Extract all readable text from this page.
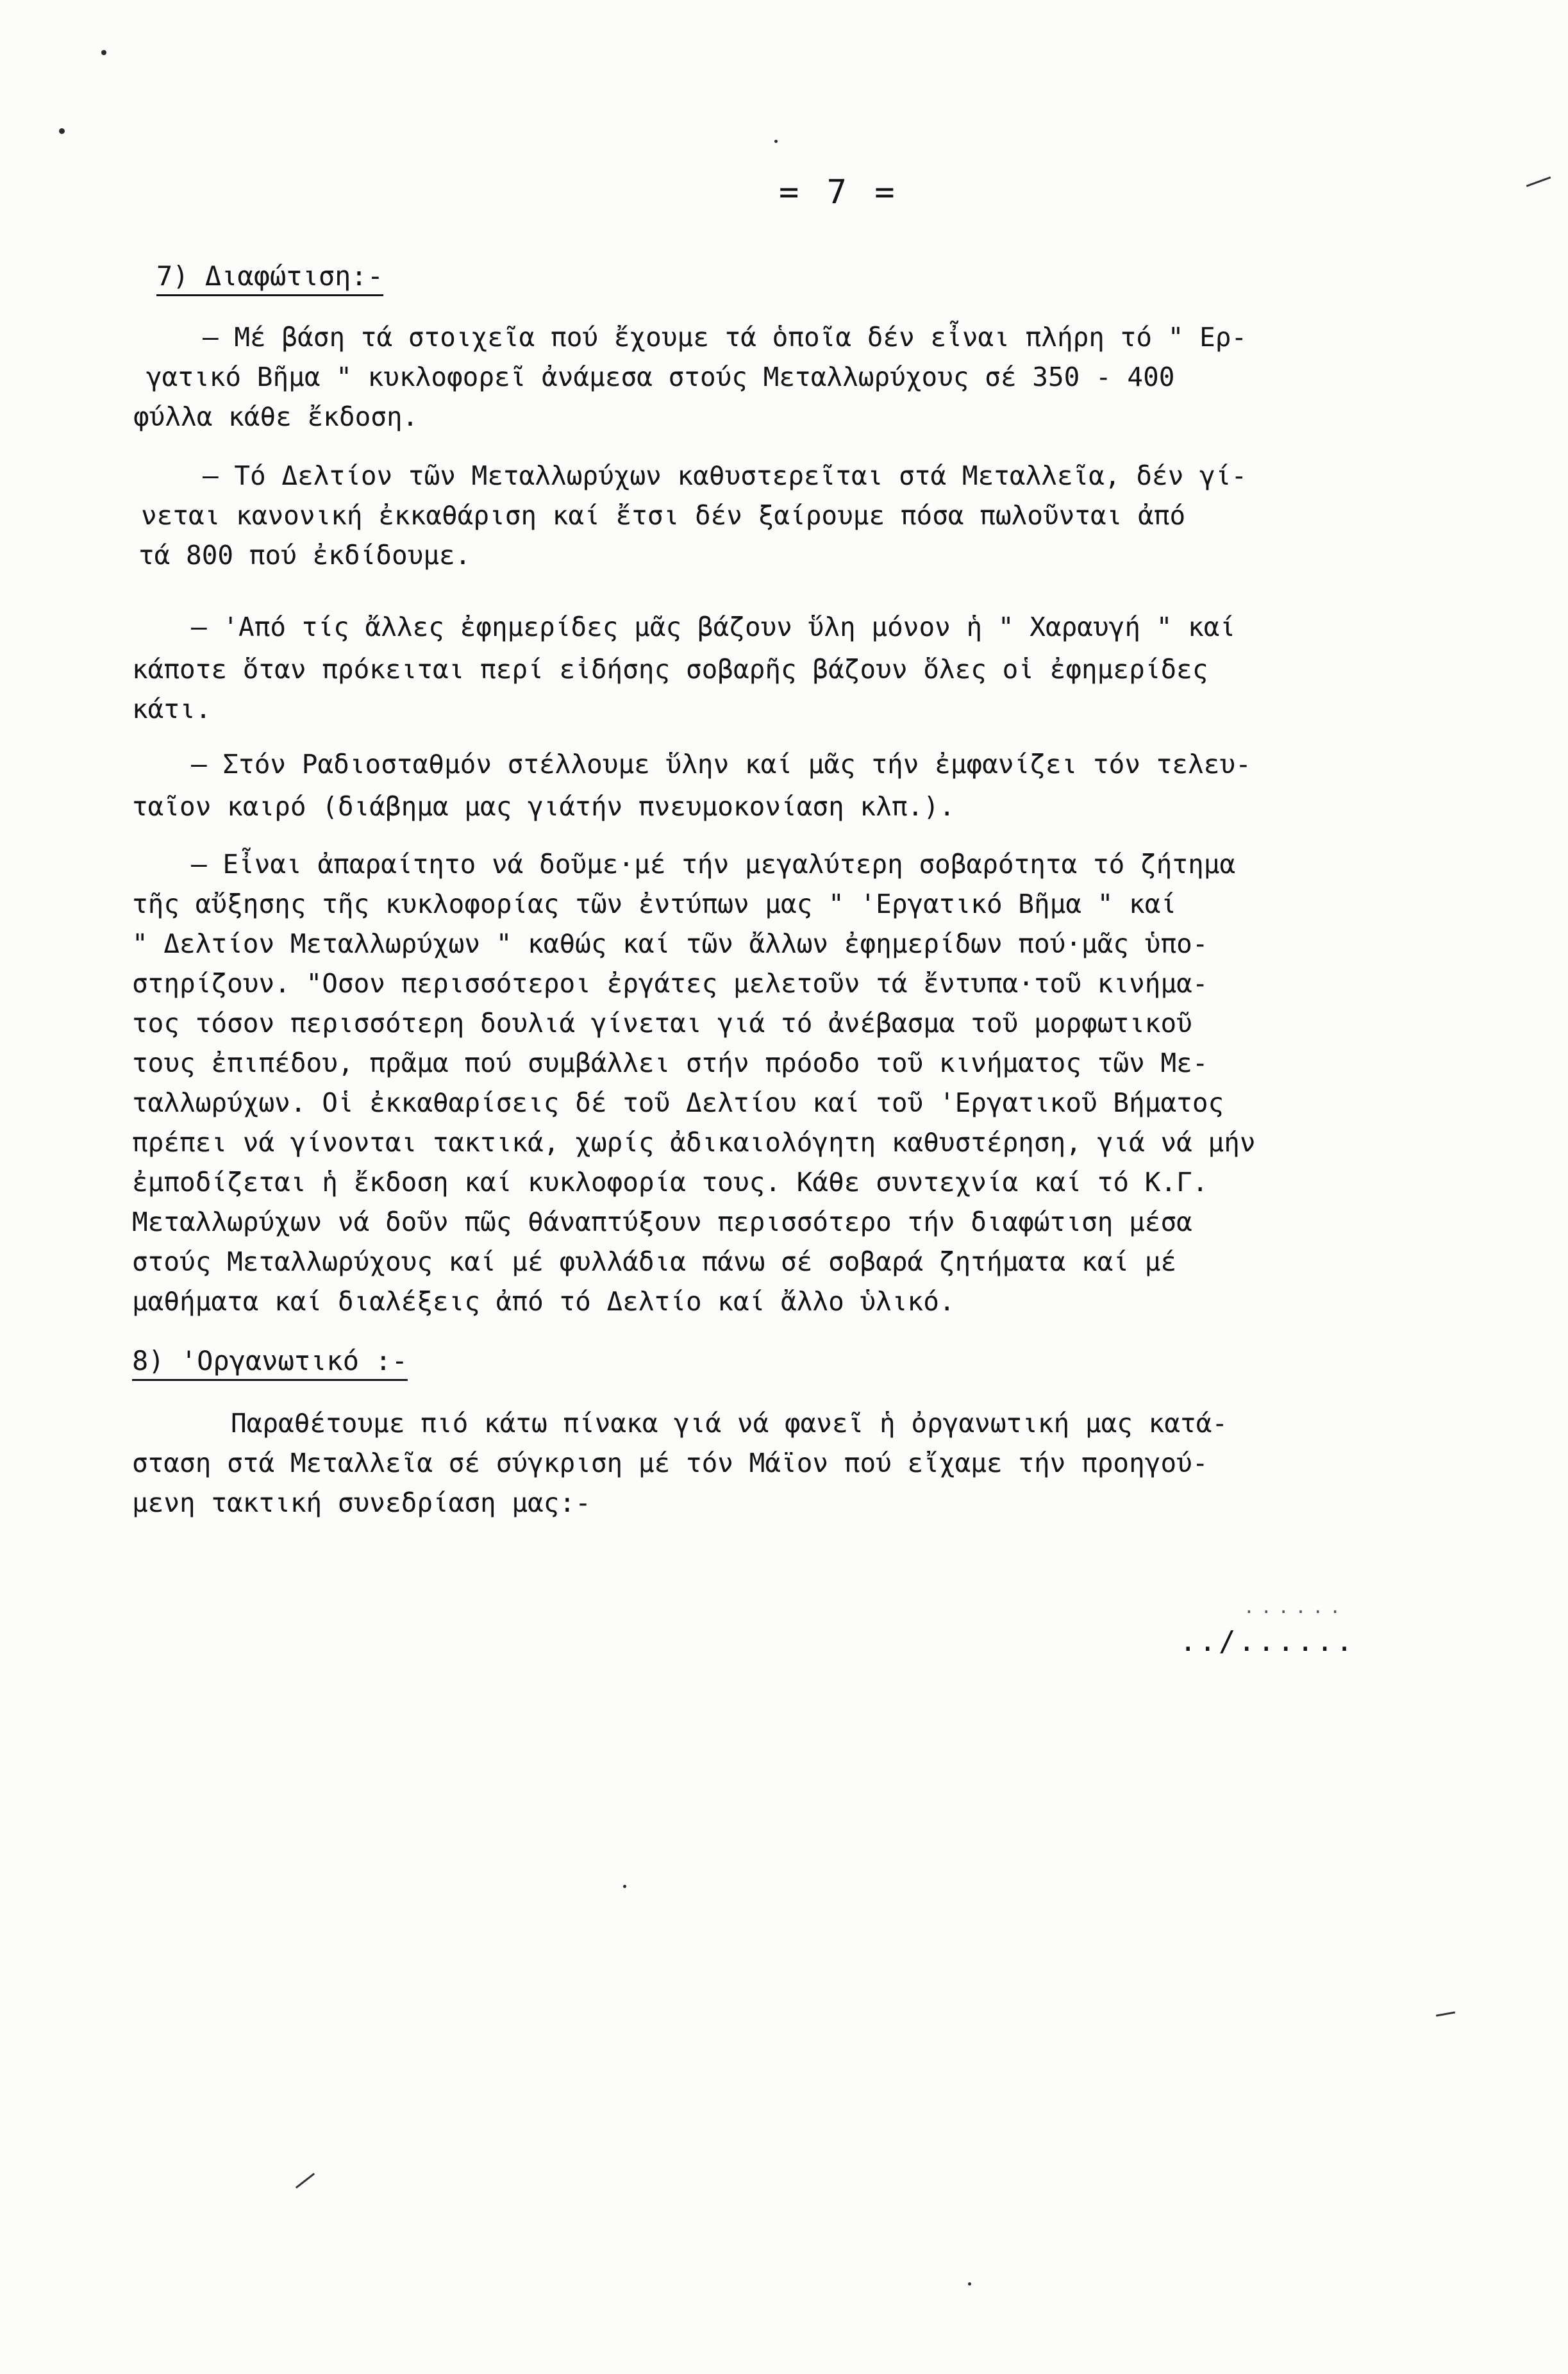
= 7 =
7) Διαφώτιση:-
– Μέ βάση τά στοιχεῖα πού ἔχουμε τά ὁποῖα δέν εἶναι πλήρη τό " Ερ-
γατικό Βῆμα " κυκλοφορεῖ ἀνάμεσα στούς Μεταλλωρύχους σέ 350 - 400
φύλλα κάθε ἔκδοση.
– Τό Δελτίον τῶν Μεταλλωρύχων καθυστερεῖται στά Μεταλλεῖα, δέν γί-
νεται κανονική ἐκκαθάριση καί ἔτσι δέν ξαίρουμε πόσα πωλοῦνται ἀπό
τά 800 πού ἐκδίδουμε.
– 'Από τίς ἄλλες ἐφημερίδες μᾶς βάζουν ὕλη μόνον ἡ " Χαραυγή " καί
κάποτε ὅταν πρόκειται περί εἰδήσης σοβαρῆς βάζουν ὅλες οἱ ἐφημερίδες
κάτι.
– Στόν Ραδιοσταθμόν στέλλουμε ὕλην καί μᾶς τήν ἐμφανίζει τόν τελευ-
ταῖον καιρό (διάβημα μας γιάτήν πνευμοκονίαση κλπ.).
– Εἶναι ἀπαραίτητο νά δοῦμε·μέ τήν μεγαλύτερη σοβαρότητα τό ζήτημα
τῆς αὔξησης τῆς κυκλοφορίας τῶν ἐντύπων μας " 'Εργατικό Βῆμα " καί
" Δελτίον Μεταλλωρύχων " καθώς καί τῶν ἄλλων ἐφημερίδων πού·μᾶς ὑπο-
στηρίζουν. "Οσον περισσότεροι ἐργάτες μελετοῦν τά ἔντυπα·τοῦ κινήμα-
τος τόσον περισσότερη δουλιά γίνεται γιά τό ἀνέβασμα τοῦ μορφωτικοῦ
τους ἐπιπέδου, πρᾶμα πού συμβάλλει στήν πρόοδο τοῦ κινήματος τῶν Με-
ταλλωρύχων. Οἱ ἐκκαθαρίσεις δέ τοῦ Δελτίου καί τοῦ 'Εργατικοῦ Βήματος
πρέπει νά γίνονται τακτικά, χωρίς ἀδικαιολόγητη καθυστέρηση, γιά νά μήν
ἐμποδίζεται ἡ ἔκδοση καί κυκλοφορία τους. Κάθε συντεχνία καί τό Κ.Γ.
Μεταλλωρύχων νά δοῦν πῶς θάναπτύξουν περισσότερο τήν διαφώτιση μέσα
στούς Μεταλλωρύχους καί μέ φυλλάδια πάνω σέ σοβαρά ζητήματα καί μέ
μαθήματα καί διαλέξεις ἀπό τό Δελτίο καί ἄλλο ὑλικό.
8) 'Οργανωτικό :-
Παραθέτουμε πιό κάτω πίνακα γιά νά φανεῖ ἡ ὀργανωτική μας κατά-
σταση στά Μεταλλεῖα σέ σύγκριση μέ τόν Μάϊον πού εἴχαμε τήν προηγού-
μενη τακτική συνεδρίαση μας:-
......
../......
